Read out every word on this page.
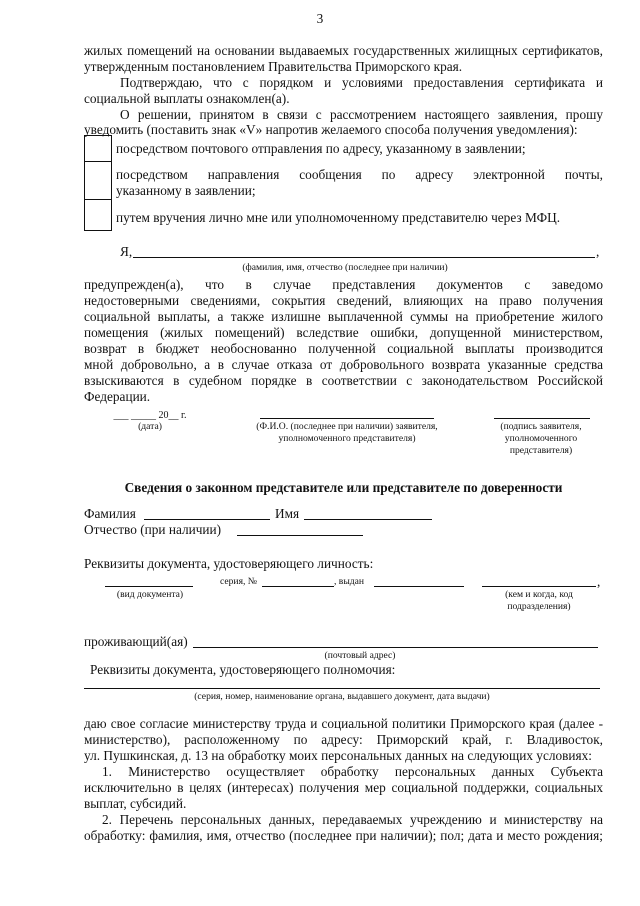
3
жилых помещений на основании выдаваемых государственных жилищных сертификатов,
утвержденным постановлением Правительства Приморского края.
Подтверждаю, что с порядком и условиями предоставления сертификата и
социальной выплаты ознакомлен(а).
О решении, принятом в связи с рассмотрением настоящего заявления, прошу
уведомить (поставить знак «V» напротив желаемого способа получения уведомления):
посредством почтового отправления по адресу, указанному в заявлении;
посредством направления сообщения по адресу электронной почты,
указанному в заявлении;
путем вручения лично мне или уполномоченному представителю через МФЦ.
Я,	,
(фамилия, имя, отчество (последнее при наличии)
предупрежден(а), что в случае представления документов с заведомо
недостоверными сведениями, сокрытия сведений, влияющих на право получения
социальной выплаты, а также излишне выплаченной суммы на приобретение жилого
помещения (жилых помещений) вследствие ошибки, допущенной министерством,
возврат в бюджет необоснованно полученной социальной выплаты производится
мной добровольно, а в случае отказа от добровольного возврата указанные средства
взыскиваются в судебном порядке в соответствии с законодательством Российской
Федерации.
___ _____ 20__ г.
(дата)	(Ф.И.О. (последнее при наличии) заявителя,
уполномоченного представителя)
(подпись заявителя,
уполномоченного
представителя)
Сведения о законном представителе или представителе по доверенности
Фамилия	Имя
Отчество (при наличии)
Реквизиты документа, удостоверяющего личность:
серия, №	, выдан	,
(вид документа)	(кем и когда, код
подразделения)
проживающий(ая)
(почтовый адрес)
Реквизиты документа, удостоверяющего полномочия:
(серия, номер, наименование органа, выдавшего документ, дата выдачи)
даю свое согласие министерству труда и социальной политики Приморского края (далее -
министерство), расположенному по адресу: Приморский край, г. Владивосток,
ул. Пушкинская, д. 13 на обработку моих персональных данных на следующих условиях:
1. Министерство осуществляет обработку персональных данных Субъекта
исключительно в целях (интересах) получения мер социальной поддержки, социальных
выплат, субсидий.
2. Перечень персональных данных, передаваемых учреждению и министерству на
обработку: фамилия, имя, отчество (последнее при наличии); пол; дата и место рождения;
